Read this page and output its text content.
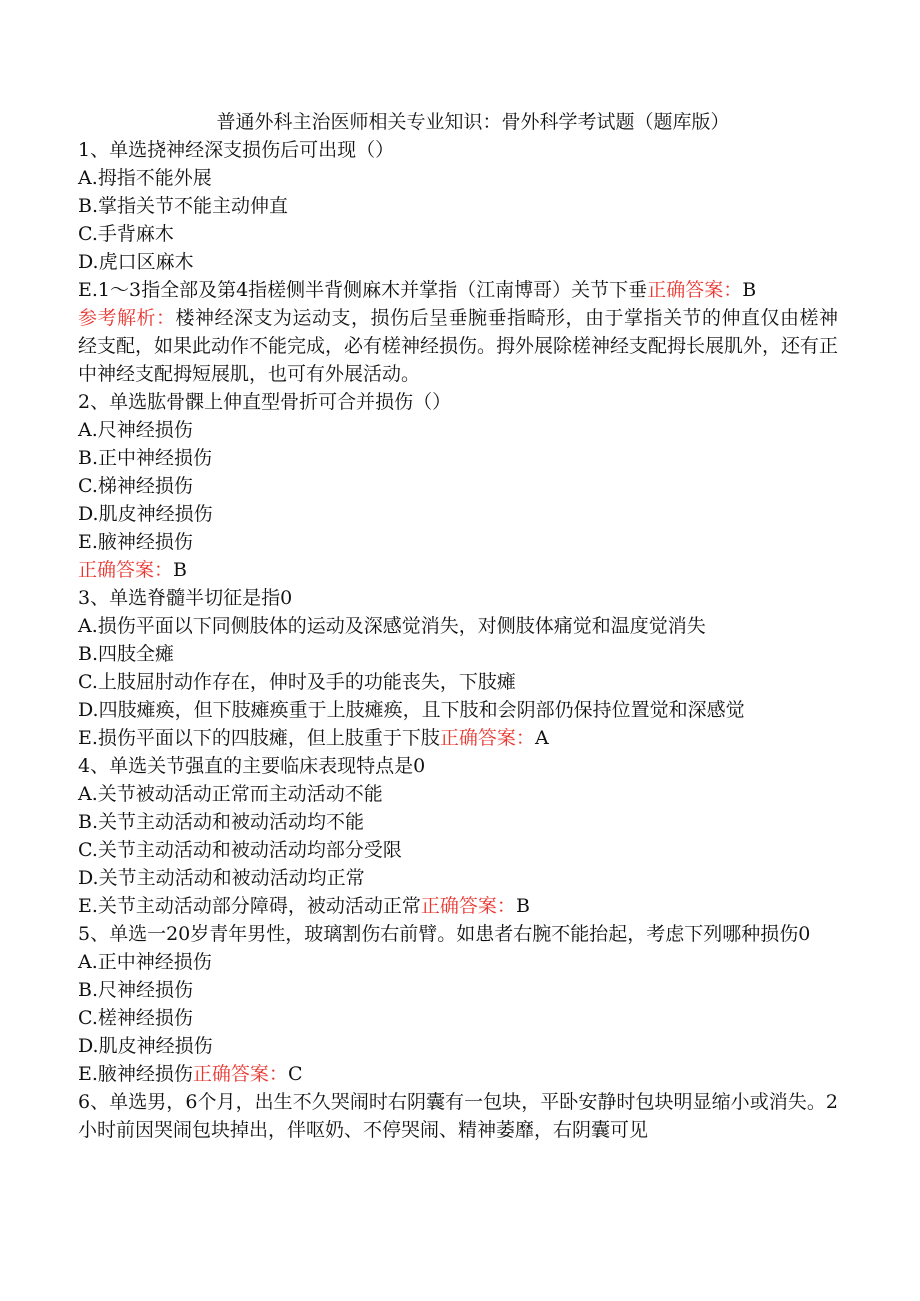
普通外科主治医师相关专业知识：骨外科学考试题（题库版）
1、单选挠神经深支损伤后可出现（）
A.拇指不能外展
B.掌指关节不能主动伸直
C.手背麻木
D.虎口区麻木
E.1～3指全部及第4指槎侧半背侧麻木并掌指（江南博哥）关节下垂正确答案：B
参考解析：楼神经深支为运动支，损伤后呈垂腕垂指畸形，由于掌指关节的伸直仅由槎神经支配，如果此动作不能完成，必有槎神经损伤。拇外展除槎神经支配拇长展肌外，还有正中神经支配拇短展肌，也可有外展活动。
2、单选肱骨髁上伸直型骨折可合并损伤（）
A.尺神经损伤
B.正中神经损伤
C.梯神经损伤
D.肌皮神经损伤
E.腋神经损伤
正确答案：B
3、单选脊髓半切征是指0
A.损伤平面以下同侧肢体的运动及深感觉消失，对侧肢体痛觉和温度觉消失
B.四肢全瘫
C.上肢屈肘动作存在，伸时及手的功能丧失，下肢瘫
D.四肢瘫痪，但下肢瘫痪重于上肢瘫痪，且下肢和会阴部仍保持位置觉和深感觉
E.损伤平面以下的四肢瘫，但上肢重于下肢正确答案：A
4、单选关节强直的主要临床表现特点是0
A.关节被动活动正常而主动活动不能
B.关节主动活动和被动活动均不能
C.关节主动活动和被动活动均部分受限
D.关节主动活动和被动活动均正常
E.关节主动活动部分障碍，被动活动正常正确答案：B
5、单选一20岁青年男性，玻璃割伤右前臂。如患者右腕不能抬起，考虑下列哪种损伤0
A.正中神经损伤
B.尺神经损伤
C.槎神经损伤
D.肌皮神经损伤
E.腋神经损伤正确答案：C
6、单选男，6个月，出生不久哭闹时右阴囊有一包块，平卧安静时包块明显缩小或消失。2小时前因哭闹包块掉出，伴呕奶、不停哭闹、精神萎靡，右阴囊可见
